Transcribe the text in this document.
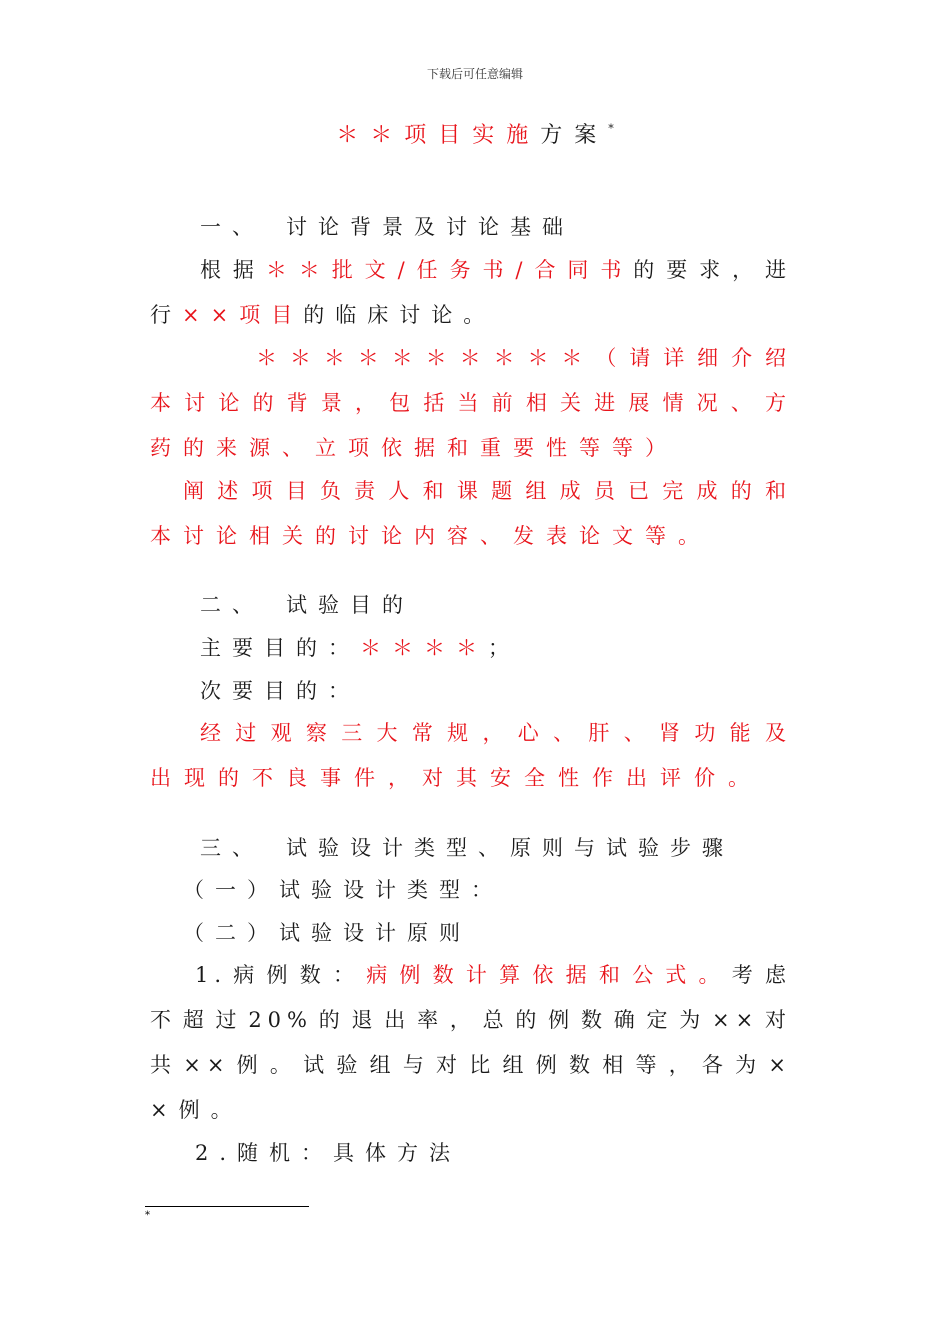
下载后可任意编辑
＊＊项目实施方案*
一、 讨论背景及讨论基础
根据＊＊批文/任务书/合同书的要求，进
行××项目的临床讨论。
＊＊＊＊＊＊＊＊＊＊（请详细介绍
本讨论的背景，包括当前相关进展情况、方
药的来源、立项依据和重要性等等）
阐述项目负责人和课题组成员已完成的和
本讨论相关的讨论内容、发表论文等。
二、 试验目的
主要目的：＊＊＊＊；
次要目的：
经过观察三大常规，心、肝、肾功能及
出现的不良事件，对其安全性作出评价。
三、 试验设计类型、原则与试验步骤
（一）试验设计类型：
（二）试验设计原则
1.病例数：病例数计算依据和公式。考虑
不超过20%的退出率，总的例数确定为××对
共××例。试验组与对比组例数相等，各为×
×例。
2.随机：具体方法
*
